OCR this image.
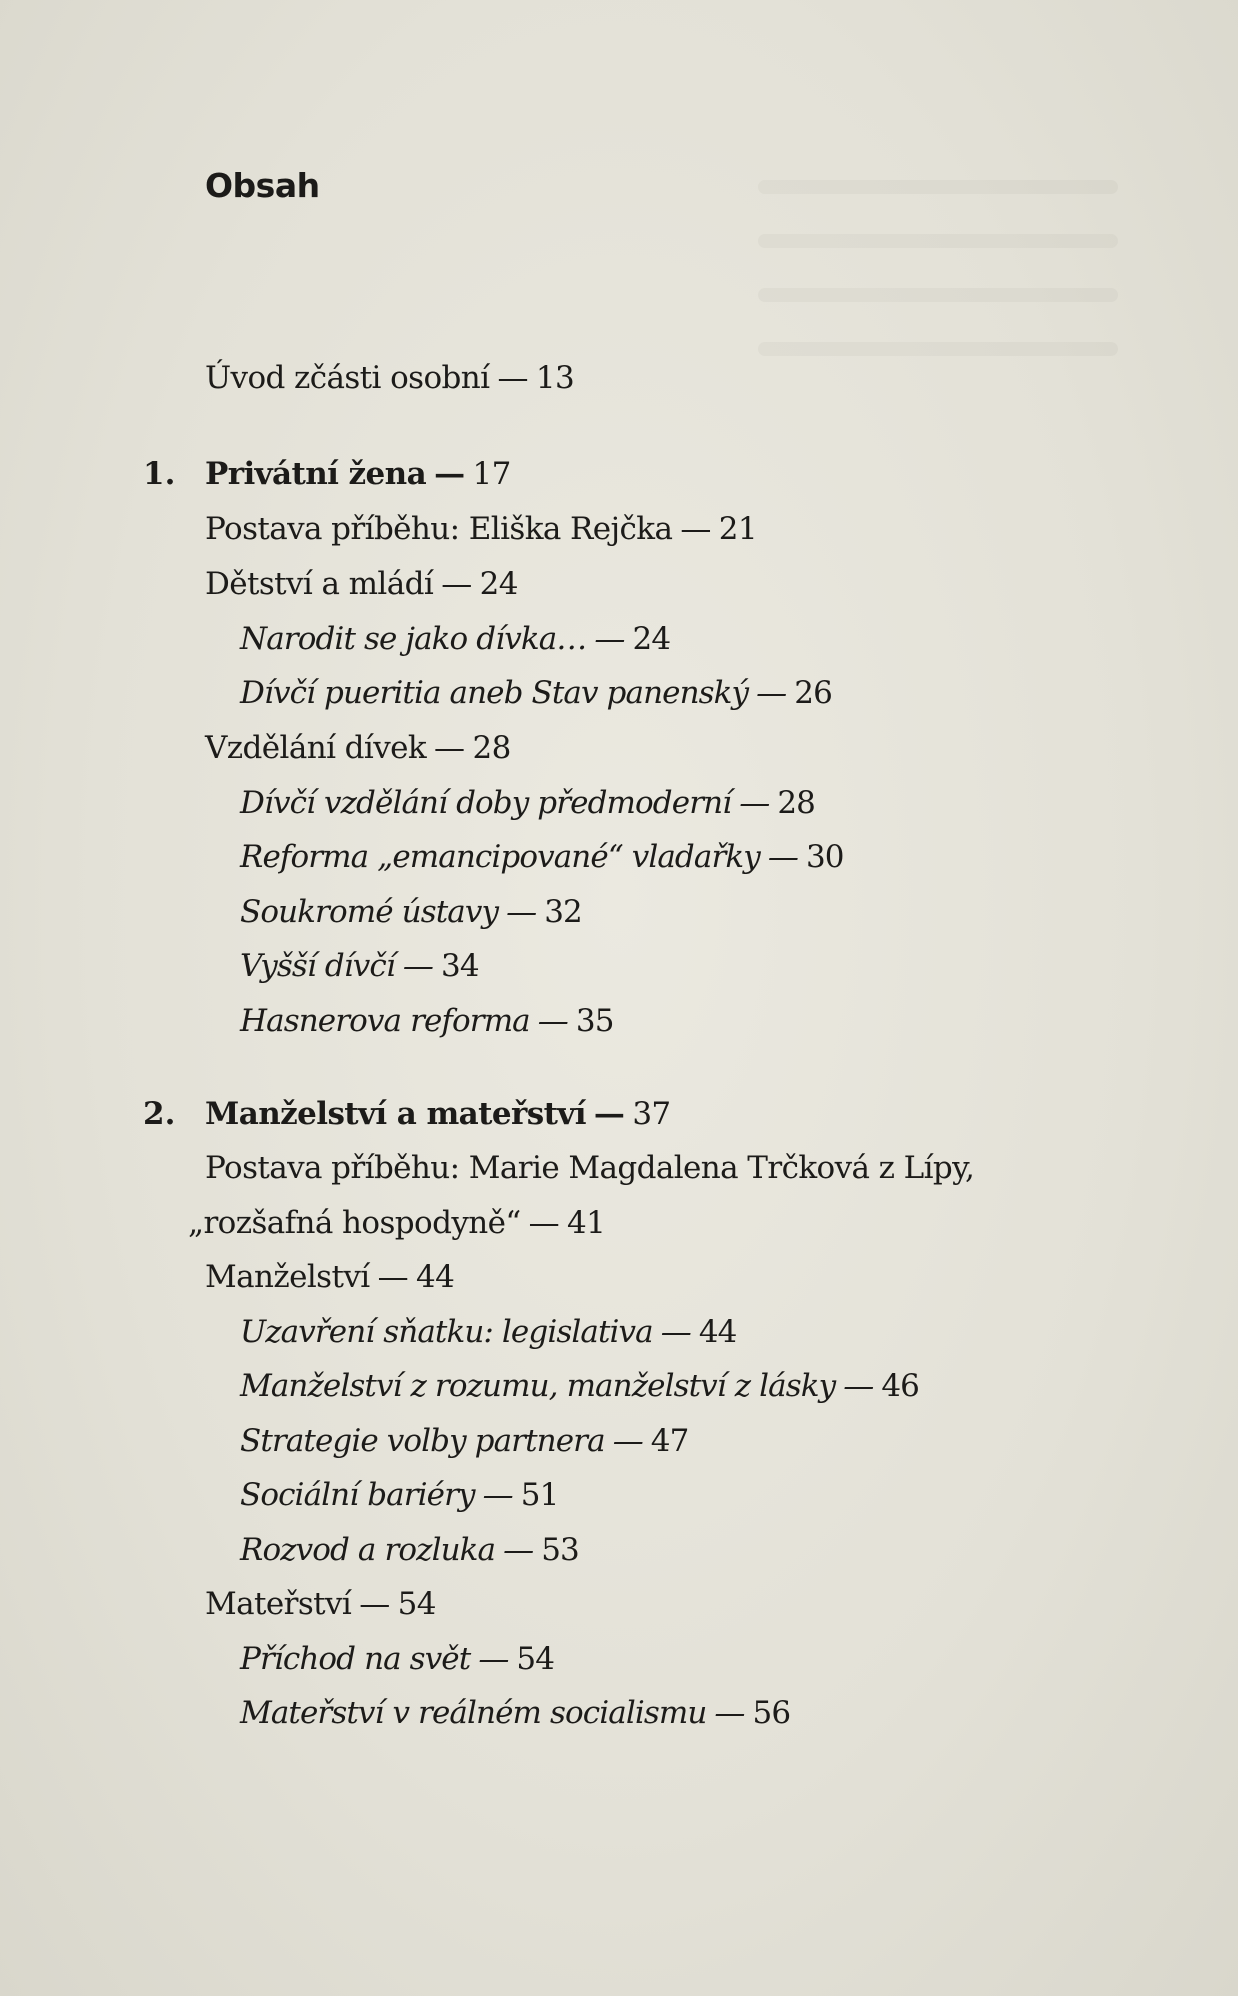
Obsah
Úvod zčásti osobní — 13
1. Privátní žena — 17
Postava příběhu: Eliška Rejčka — 21
Dětství a mládí — 24
Narodit se jako dívka… — 24
Dívčí pueritia aneb Stav panenský — 26
Vzdělání dívek — 28
Dívčí vzdělání doby předmoderní — 28
Reforma „emancipované“ vladařky — 30
Soukromé ústavy — 32
Vyšší dívčí — 34
Hasnerova reforma — 35
2. Manželství a mateřství — 37
Postava příběhu: Marie Magdalena Trčková z Lípy,
„rozšafná hospodyně“ — 41
Manželství — 44
Uzavření sňatku: legislativa — 44
Manželství z rozumu, manželství z lásky — 46
Strategie volby partnera — 47
Sociální bariéry — 51
Rozvod a rozluka — 53
Mateřství — 54
Příchod na svět — 54
Mateřství v reálném socialismu — 56
